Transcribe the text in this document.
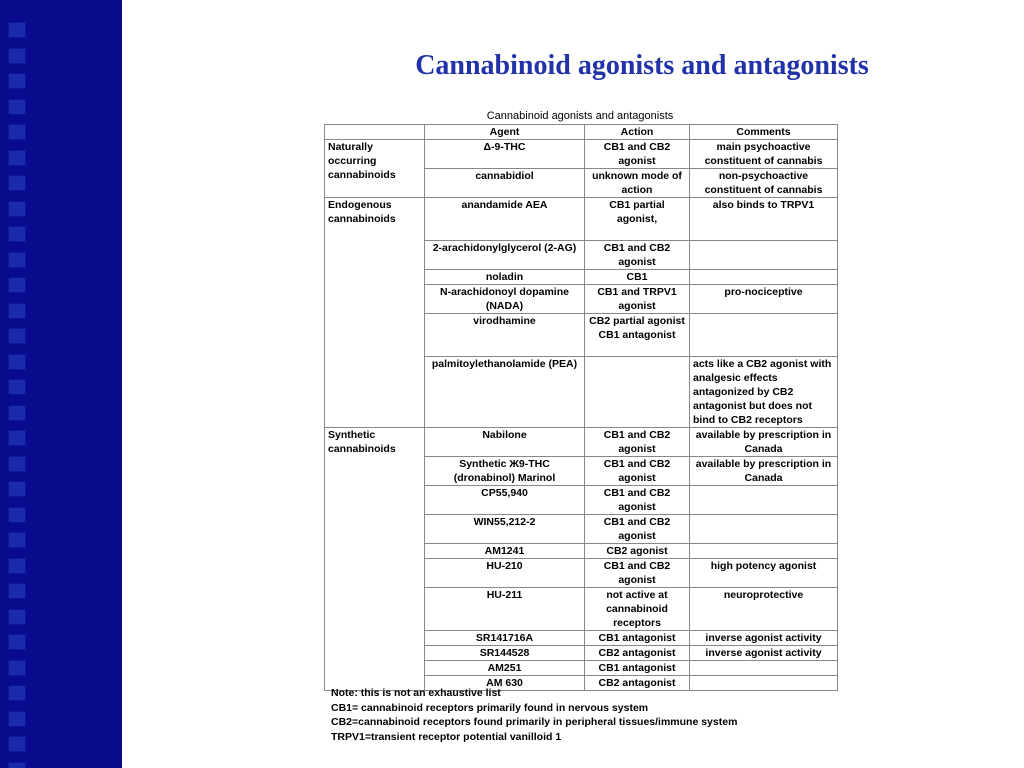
Cannabinoid agonists and antagonists
Cannabinoid agonists and antagonists
	Agent	Action	Comments
Naturally occurring cannabinoids	Δ-9-THC	CB1 and CB2 agonist	main psychoactive constituent of cannabis
	cannabidiol	unknown mode of action	non-psychoactive constituent of cannabis
Endogenous cannabinoids	anandamide AEA	CB1 partial agonist,	also binds to TRPV1
	2-arachidonylglycerol (2-AG)	CB1 and CB2 agonist	
	noladin	CB1	
	N-arachidonoyl dopamine (NADA)	CB1 and TRPV1 agonist	pro-nociceptive
	virodhamine	CB2 partial agonist CB1 antagonist	
	palmitoylethanolamide (PEA)		acts like a CB2 agonist with analgesic effects antagonized by CB2 antagonist but does not bind to CB2 receptors
Synthetic cannabinoids	Nabilone	CB1 and CB2 agonist	available by prescription in Canada
	Synthetic Ж9-THC (dronabinol) Marinol	CB1 and CB2 agonist	available by prescription in Canada
	CP55,940	CB1 and CB2 agonist	
	WIN55,212-2	CB1 and CB2 agonist	
	AM1241	CB2 agonist	
	HU-210	CB1 and CB2 agonist	high potency agonist
	HU-211	not active at cannabinoid receptors	neuroprotective
	SR141716A	CB1 antagonist	inverse agonist activity
	SR144528	CB2 antagonist	inverse agonist activity
	AM251	CB1 antagonist	
	AM 630	CB2 antagonist	
Note: this is not an exhaustive list
CB1= cannabinoid receptors primarily found in nervous system
CB2=cannabinoid receptors found primarily in peripheral tissues/immune system
TRPV1=transient receptor potential vanilloid 1
